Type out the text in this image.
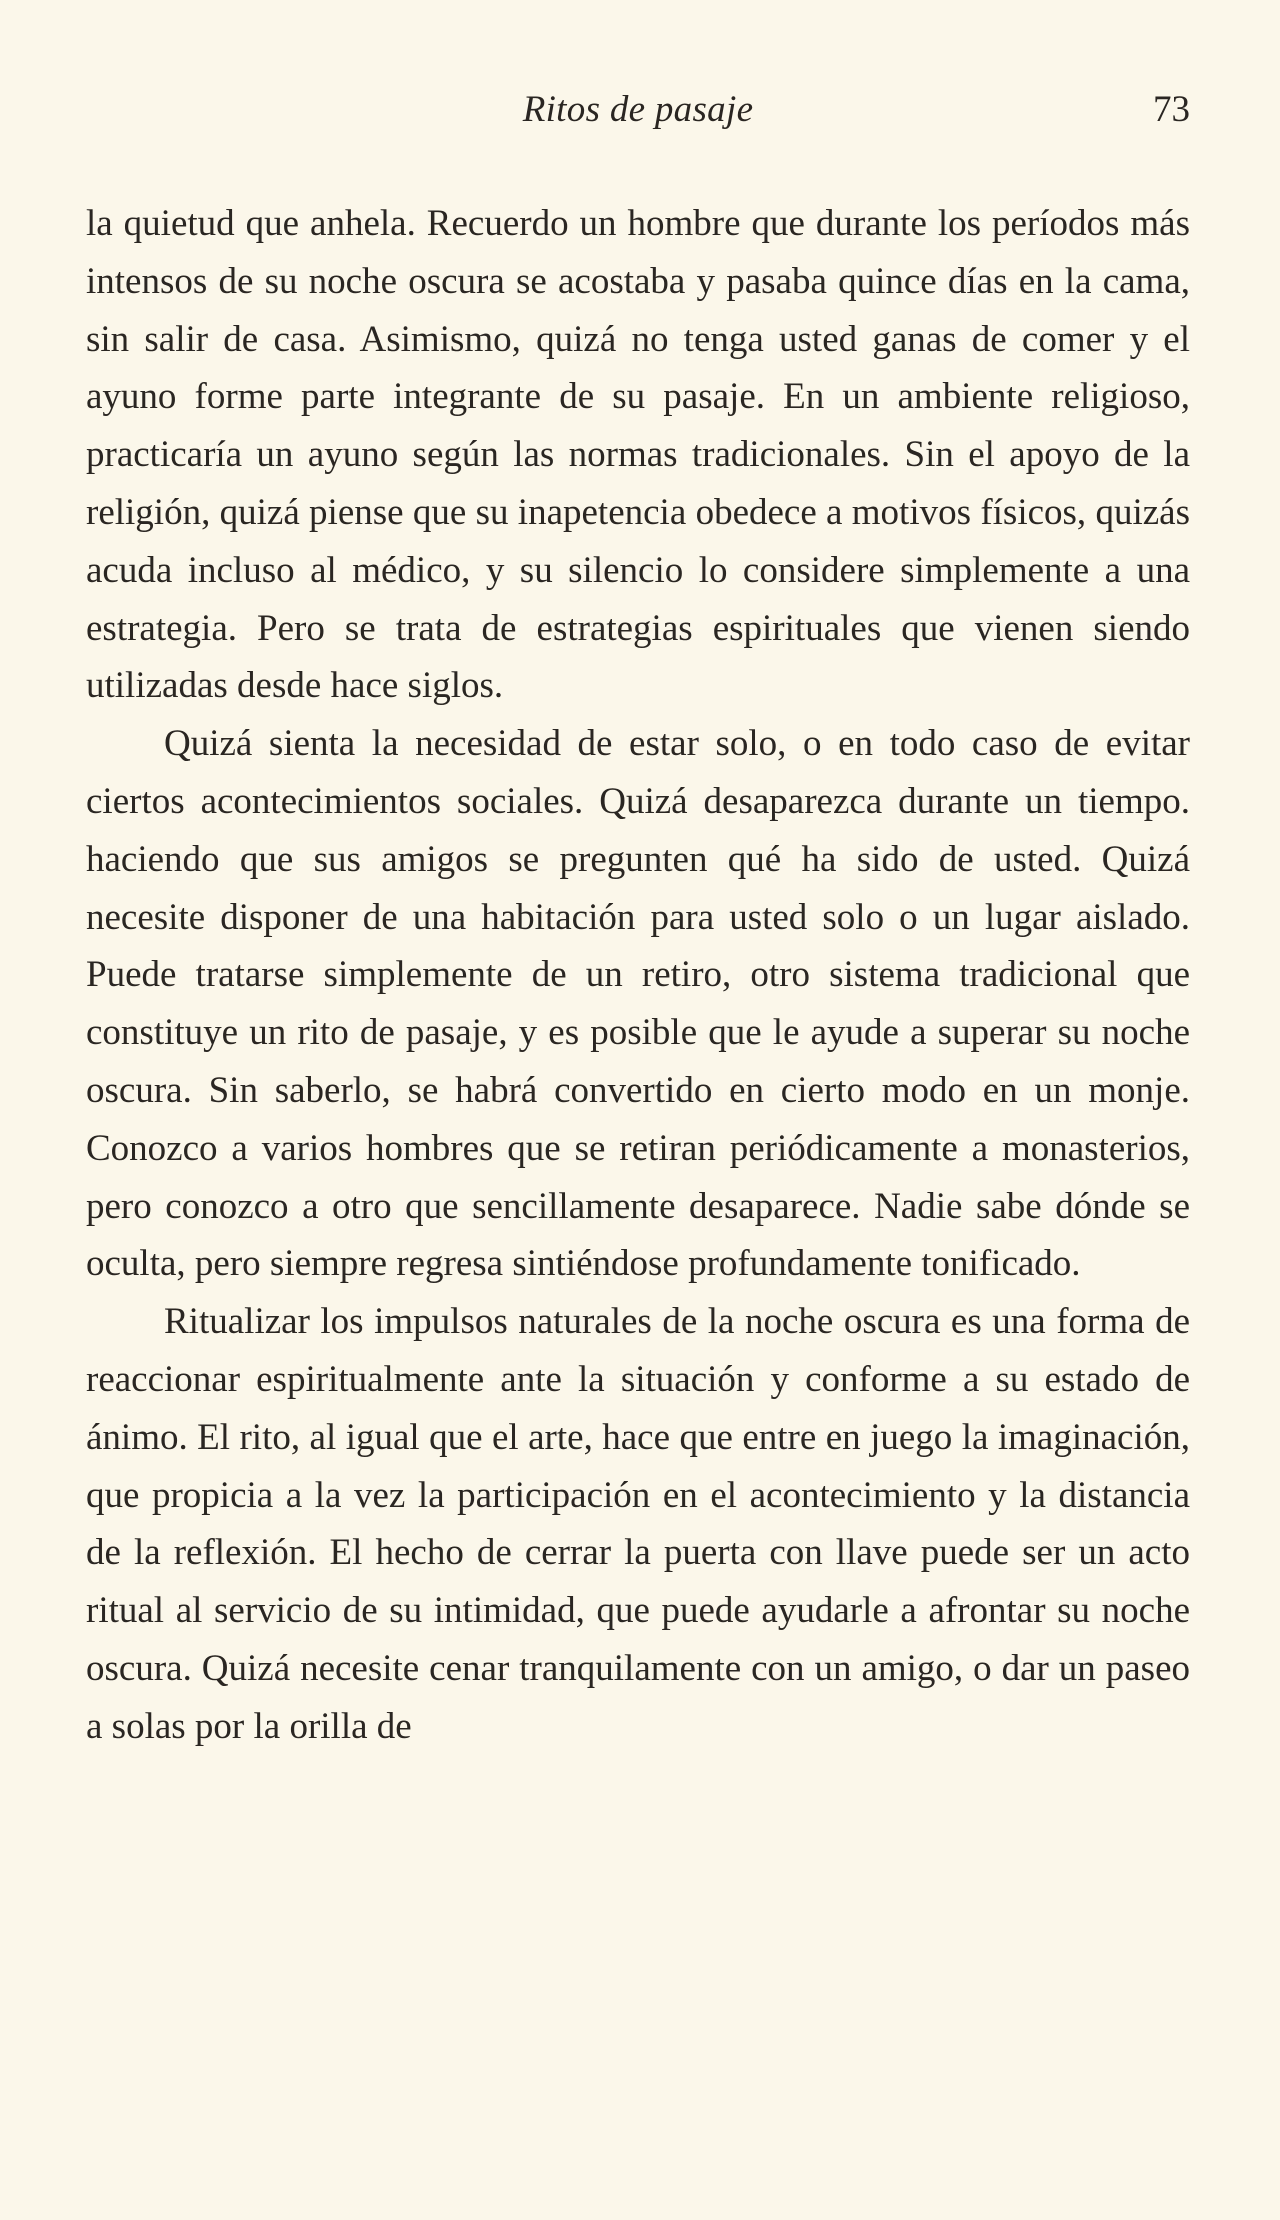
Ritos de pasaje	73

la quietud que anhela. Recuerdo un hombre que durante los períodos más intensos de su noche oscura se acostaba y pasaba quince días en la cama, sin salir de casa. Asimismo, quizá no tenga usted ganas de comer y el ayuno forme parte integrante de su pasaje. En un ambiente religioso, practicaría un ayuno según las normas tradicionales. Sin el apoyo de la religión, quizá piense que su inapetencia obedece a motivos físicos, quizás acuda incluso al médico, y su silencio lo considere simplemente a una estrategia. Pero se trata de estrategias espirituales que vienen siendo utilizadas desde hace siglos.

Quizá sienta la necesidad de estar solo, o en todo caso de evitar ciertos acontecimientos sociales. Quizá desaparezca durante un tiempo. haciendo que sus amigos se pregunten qué ha sido de usted. Quizá necesite disponer de una habitación para usted solo o un lugar aislado. Puede tratarse simplemente de un retiro, otro sistema tradicional que constituye un rito de pasaje, y es posible que le ayude a superar su noche oscura. Sin saberlo, se habrá convertido en cierto modo en un monje. Conozco a varios hombres que se retiran periódicamente a monasterios, pero conozco a otro que sencillamente desaparece. Nadie sabe dónde se oculta, pero siempre regresa sintiéndose profundamente tonificado.

Ritualizar los impulsos naturales de la noche oscura es una forma de reaccionar espiritualmente ante la situación y conforme a su estado de ánimo. El rito, al igual que el arte, hace que entre en juego la imaginación, que propicia a la vez la participación en el acontecimiento y la distancia de la reflexión. El hecho de cerrar la puerta con llave puede ser un acto ritual al servicio de su intimidad, que puede ayudarle a afrontar su noche oscura. Quizá necesite cenar tranquilamente con un amigo, o dar un paseo a solas por la orilla de
